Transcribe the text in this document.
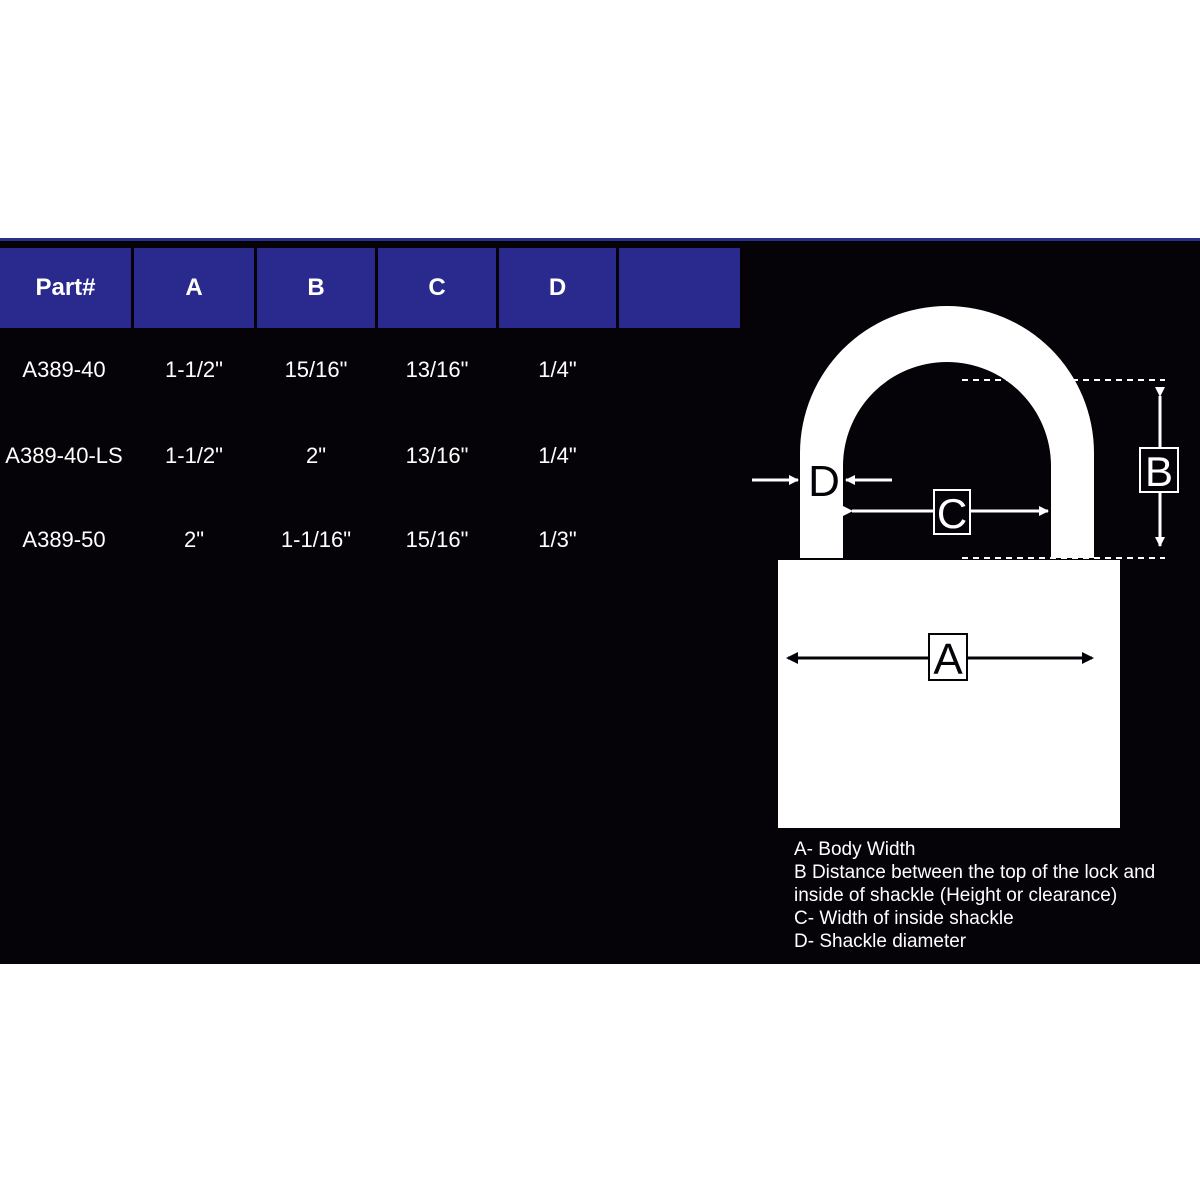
Part#	A	B	C	D
A389-40	1-1/2"	15/16"	13/16"	1/4"
A389-40-LS	1-1/2"	2"	13/16"	1/4"
A389-50	2"	1-1/16"	15/16"	1/3"
B
D
C
A
A- Body Width
B Distance between the top of the lock and inside of shackle (Height or clearance)
C- Width of inside shackle
D- Shackle diameter
